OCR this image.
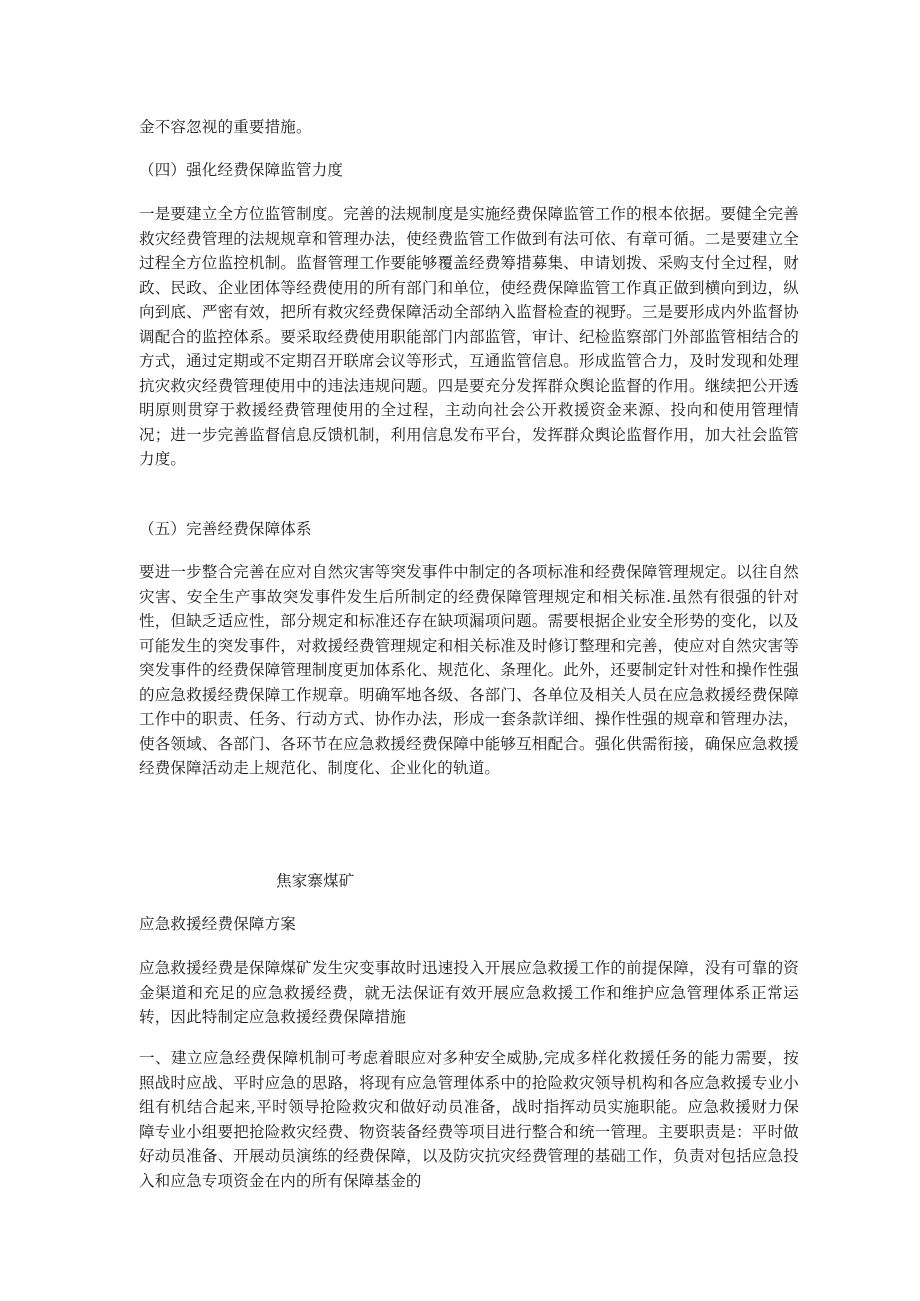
金不容忽视的重要措施。
（四）强化经费保障监管力度
一是要建立全方位监管制度。完善的法规制度是实施经费保障监管工作的根本依据。要健全完善救灾经费管理的法规规章和管理办法，使经费监管工作做到有法可依、有章可循。二是要建立全过程全方位监控机制。监督管理工作要能够覆盖经费筹措募集、申请划拨、采购支付全过程，财政、民政、企业团体等经费使用的所有部门和单位，使经费保障监管工作真正做到横向到边，纵向到底、严密有效，把所有救灾经费保障活动全部纳入监督检查的视野。三是要形成内外监督协调配合的监控体系。要采取经费使用职能部门内部监管，审计、纪检监察部门外部监管相结合的方式，通过定期或不定期召开联席会议等形式，互通监管信息。形成监管合力，及时发现和处理抗灾救灾经费管理使用中的违法违规问题。四是要充分发挥群众舆论监督的作用。继续把公开透明原则贯穿于救援经费管理使用的全过程，主动向社会公开救援资金来源、投向和使用管理情况；进一步完善监督信息反馈机制，利用信息发布平台，发挥群众舆论监督作用，加大社会监管力度。
（五）完善经费保障体系
要进一步整合完善在应对自然灾害等突发事件中制定的各项标准和经费保障管理规定。以往自然灾害、安全生产事故突发事件发生后所制定的经费保障管理规定和相关标准.虽然有很强的针对性，但缺乏适应性，部分规定和标准还存在缺项漏项问题。需要根据企业安全形势的变化，以及可能发生的突发事件，对救援经费管理规定和相关标准及时修订整理和完善，使应对自然灾害等突发事件的经费保障管理制度更加体系化、规范化、条理化。此外，还要制定针对性和操作性强的应急救援经费保障工作规章。明确军地各级、各部门、各单位及相关人员在应急救援经费保障工作中的职责、任务、行动方式、协作办法，形成一套条款详细、操作性强的规章和管理办法，使各领域、各部门、各环节在应急救援经费保障中能够互相配合。强化供需衔接，确保应急救援经费保障活动走上规范化、制度化、企业化的轨道。
焦家寨煤矿
应急救援经费保障方案
应急救援经费是保障煤矿发生灾变事故时迅速投入开展应急救援工作的前提保障，没有可靠的资金渠道和充足的应急救援经费，就无法保证有效开展应急救援工作和维护应急管理体系正常运转，因此特制定应急救援经费保障措施
一、建立应急经费保障机制可考虑着眼应对多种安全威胁,完成多样化救援任务的能力需要，按照战时应战、平时应急的思路，将现有应急管理体系中的抢险救灾领导机构和各应急救援专业小组有机结合起来,平时领导抢险救灾和做好动员准备，战时指挥动员实施职能。应急救援财力保障专业小组要把抢险救灾经费、物资装备经费等项目进行整合和统一管理。主要职责是：平时做好动员准备、开展动员演练的经费保障，以及防灾抗灾经费管理的基础工作，负责对包括应急投入和应急专项资金在内的所有保障基金的
